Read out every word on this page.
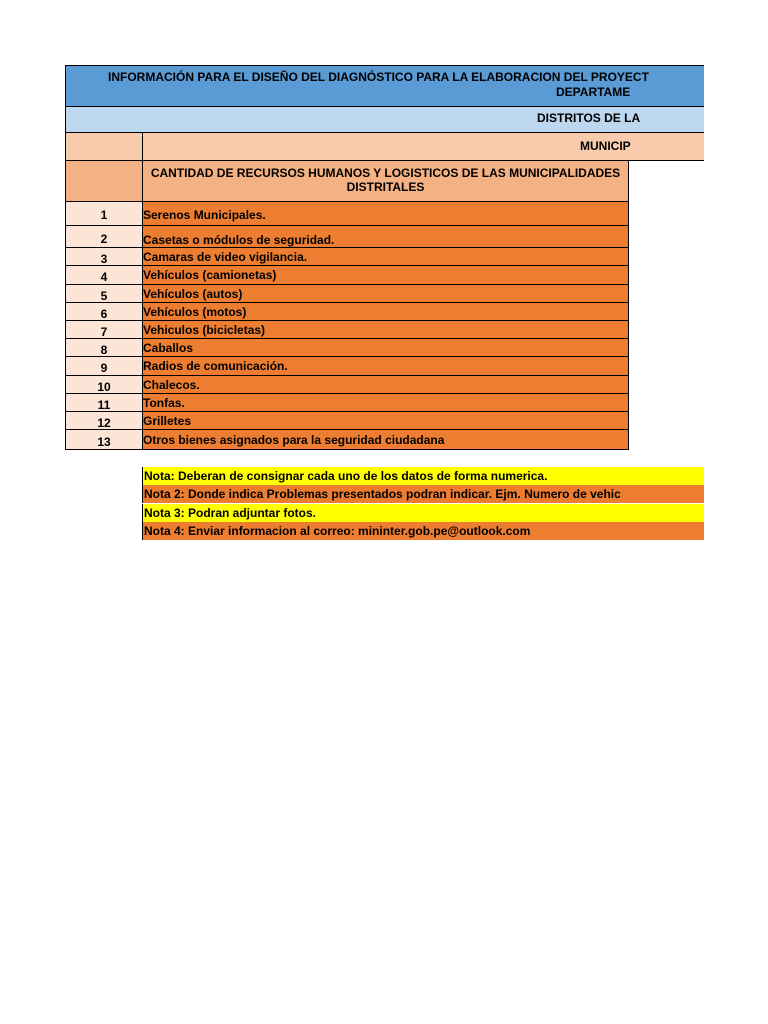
INFORMACIÓN PARA EL DISEÑO DEL DIAGNÓSTICO PARA LA ELABORACION DEL PROYECT
DEPARTAME
DISTRITOS DE LA
MUNICIP
CANTIDAD DE RECURSOS HUMANOS Y LOGISTICOS DE LAS MUNICIPALIDADES DISTRITALES
1	Serenos Municipales.
2	Casetas o módulos de seguridad.
3	Camaras de video vigilancia.
4	Vehículos (camionetas)
5	Vehículos (autos)
6	Vehículos (motos)
7	Vehiculos (bicicletas)
8	Caballos
9	Radios de comunicación.
10	Chalecos.
11	Tonfas.
12	Grilletes
13	Otros bienes asignados para la seguridad ciudadana
Nota: Deberan de consignar cada uno de los datos de forma numerica.
Nota 2: Donde indica Problemas presentados podran indicar. Ejm. Numero de vehic
Nota 3: Podran adjuntar fotos.
Nota 4: Enviar informacion al correo: mininter.gob.pe@outlook.com
